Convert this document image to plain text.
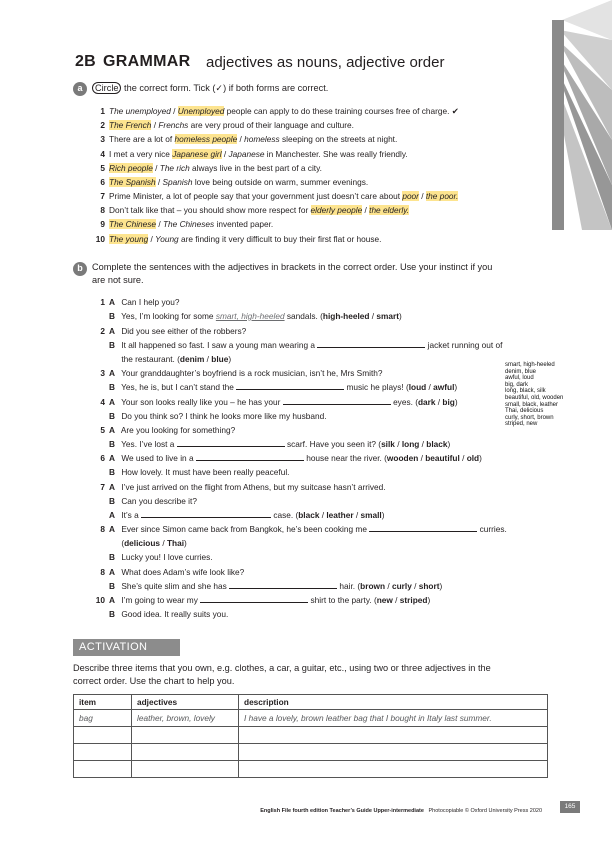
2B GRAMMAR adjectives as nouns, adjective order
a	Circle the correct form. Tick (✓) if both forms are correct.
1 The unemployed / Unemployed people can apply to do these training courses free of charge. ✔
2 The French / Frenchs are very proud of their language and culture.
3 There are a lot of homeless people / homeless sleeping on the streets at night.
4 I met a very nice Japanese girl / Japanese in Manchester. She was really friendly.
5 Rich people / The rich always live in the best part of a city.
6 The Spanish / Spanish love being outside on warm, summer evenings.
7 Prime Minister, a lot of people say that your government just doesn’t care about poor / the poor.
8 Don’t talk like that – you should show more respect for elderly people / the elderly.
9 The Chinese / The Chineses invented paper.
10 The young / Young are finding it very difficult to buy their first flat or house.
b	Complete the sentences with the adjectives in brackets in the correct order. Use your instinct if you
are not sure.
1 A Can I help you?
B Yes, I’m looking for some smart, high-heeled sandals. (high-heeled / smart)
2 A Did you see either of the robbers?
B It all happened so fast. I saw a young man wearing a	jacket running out of
the restaurant. (denim / blue)
3 A Your granddaughter’s boyfriend is a rock musician, isn’t he, Mrs Smith?
B Yes, he is, but I can’t stand the	music he plays! (loud / awful)
4 A Your son looks really like you – he has your	eyes. (dark / big)
B Do you think so? I think he looks more like my husband.
5 A Are you looking for something?
B Yes. I’ve lost a	scarf. Have you seen it? (silk / long / black)
6 A We used to live in a	house near the river. (wooden / beautiful / old)
B How lovely. It must have been really peaceful.
7 A I’ve just arrived on the flight from Athens, but my suitcase hasn’t arrived.
B Can you describe it?
A It’s a	case. (black / leather / small)
8 A Ever since Simon came back from Bangkok, he’s been cooking me	curries.
(delicious / Thai)
B Lucky you! I love curries.
8 A What does Adam’s wife look like?
B She’s quite slim and she has	hair. (brown / curly / short)
10 A I’m going to wear my	shirt to the party. (new / striped)
B Good idea. It really suits you.
smart, high-heeled
denim, blue
awful, loud
big, dark
long, black, silk
beautiful, old, wooden
small, black, leather
Thai, delicious
curly, short, brown
striped, new
ACTIVATION
Describe three items that you own, e.g. clothes, a car, a guitar, etc., using two or three adjectives in the
correct order. Use the chart to help you.
item	adjectives	description
bag	leather, brown, lovely	I have a lovely, brown leather bag that I bought in Italy last summer.

English File fourth edition Teacher’s Guide Upper-intermediate Photocopiable © Oxford University Press 2020
165
